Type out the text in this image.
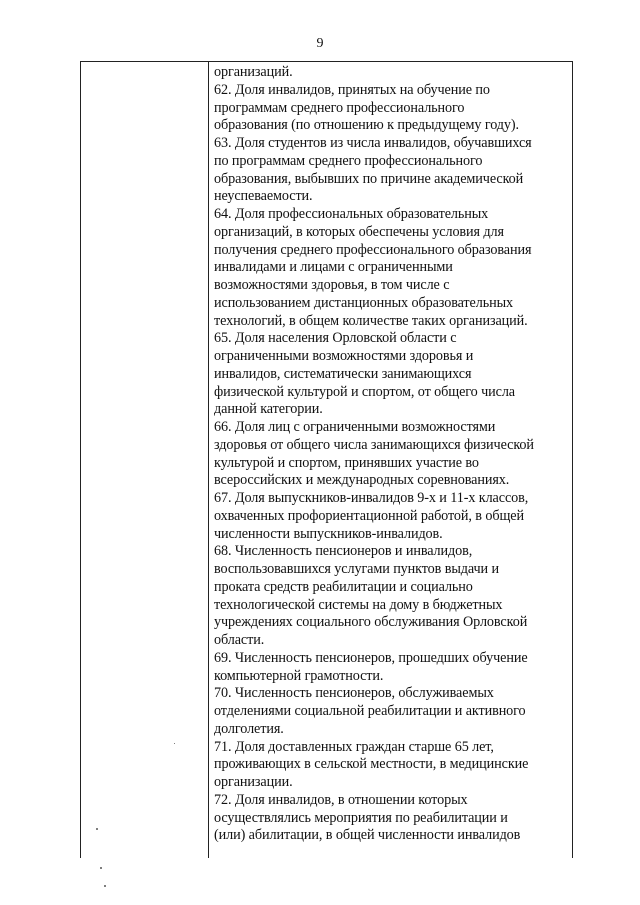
9

организаций.
62. Доля инвалидов, принятых на обучение по
программам среднего профессионального
образования (по отношению к предыдущему году).
63. Доля студентов из числа инвалидов, обучавшихся
по программам среднего профессионального
образования, выбывших по причине академической
неуспеваемости.
64. Доля профессиональных образовательных
организаций, в которых обеспечены условия для
получения среднего профессионального образования
инвалидами и лицами с ограниченными
возможностями здоровья, в том числе с
использованием дистанционных образовательных
технологий, в общем количестве таких организаций.
65. Доля населения Орловской области с
ограниченными возможностями здоровья и
инвалидов, систематически занимающихся
физической культурой и спортом, от общего числа
данной категории.
66. Доля лиц с ограниченными возможностями
здоровья от общего числа занимающихся физической
культурой и спортом, принявших участие во
всероссийских и международных соревнованиях.
67. Доля выпускников-инвалидов 9-х и 11-х классов,
охваченных профориентационной работой, в общей
численности выпускников-инвалидов.
68. Численность пенсионеров и инвалидов,
воспользовавшихся услугами пунктов выдачи и
проката средств реабилитации и социально
технологической системы на дому в бюджетных
учреждениях социального обслуживания Орловской
области.
69. Численность пенсионеров, прошедших обучение
компьютерной грамотности.
70. Численность пенсионеров, обслуживаемых
отделениями социальной реабилитации и активного
долголетия.
71. Доля доставленных граждан старше 65 лет,
проживающих в сельской местности, в медицинские
организации.
72. Доля инвалидов, в отношении которых
осуществлялись мероприятия по реабилитации и
(или) абилитации, в общей численности инвалидов
